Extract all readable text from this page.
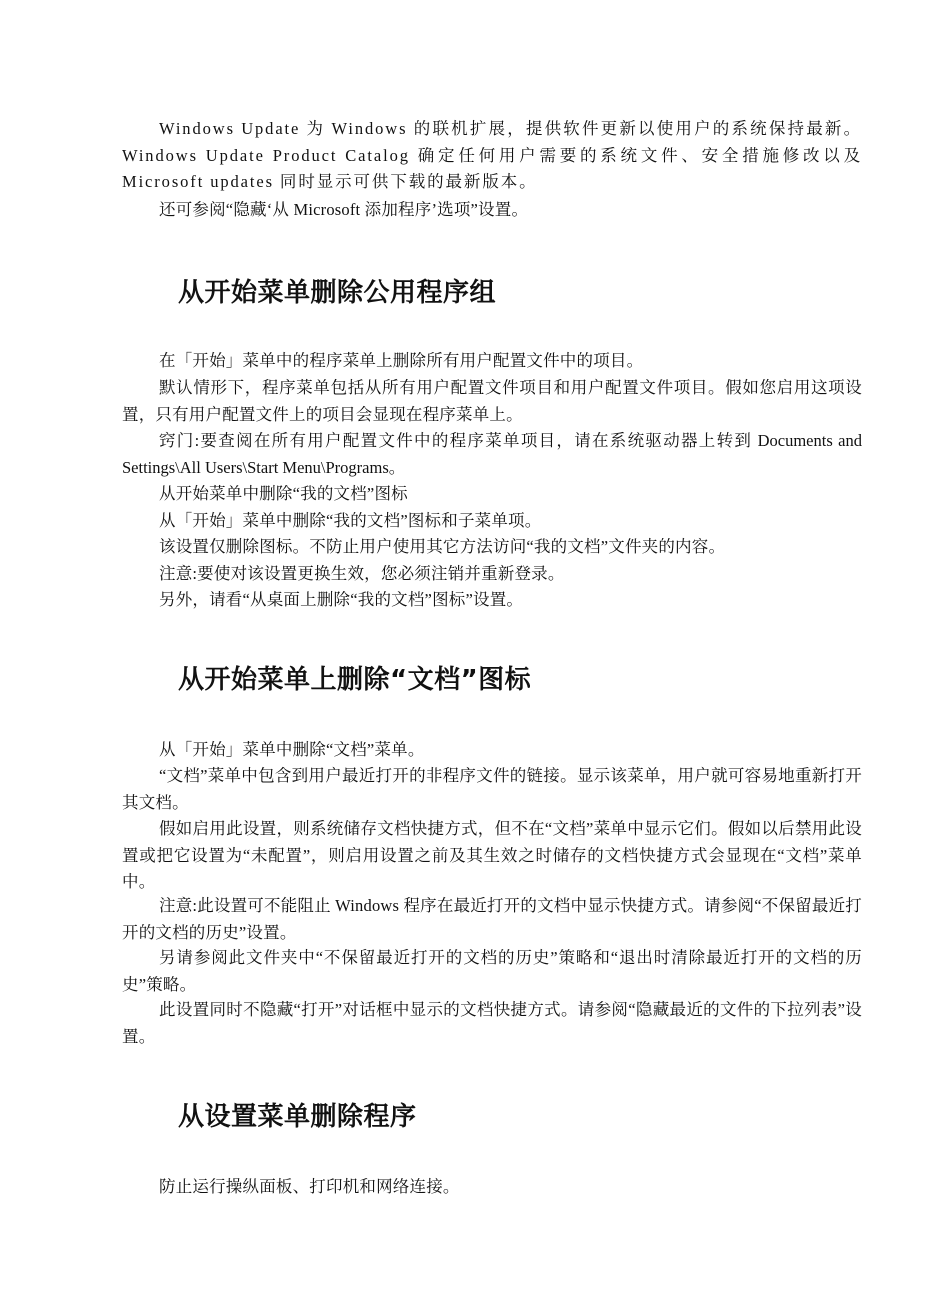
Windows Update 为 Windows 的联机扩展，提供软件更新以使用户的系统保持最新。Windows Update Product Catalog 确定任何用户需要的系统文件、安全措施修改以及 Microsoft updates 同时显示可供下载的最新版本。

还可参阅“隐藏‘从 Microsoft 添加程序’选项”设置。

从开始菜单删除公用程序组

在「开始」菜单中的程序菜单上删除所有用户配置文件中的项目。

默认情形下，程序菜单包括从所有用户配置文件项目和用户配置文件项目。假如您启用这项设置，只有用户配置文件上的项目会显现在程序菜单上。

窍门:要查阅在所有用户配置文件中的程序菜单项目，请在系统驱动器上转到 Documents and Settings\All Users\Start Menu\Programs。

从开始菜单中删除“我的文档”图标

从「开始」菜单中删除“我的文档”图标和子菜单项。

该设置仅删除图标。不防止用户使用其它方法访问“我的文档”文件夹的内容。

注意:要使对该设置更换生效，您必须注销并重新登录。

另外，请看“从桌面上删除“我的文档”图标”设置。

从开始菜单上删除“文档”图标

从「开始」菜单中删除“文档”菜单。

“文档”菜单中包含到用户最近打开的非程序文件的链接。显示该菜单，用户就可容易地重新打开其文档。

假如启用此设置，则系统储存文档快捷方式，但不在“文档”菜单中显示它们。假如以后禁用此设置或把它设置为“未配置”，则启用设置之前及其生效之时储存的文档快捷方式会显现在“文档”菜单中。

注意:此设置可不能阻止 Windows 程序在最近打开的文档中显示快捷方式。请参阅“不保留最近打开的文档的历史”设置。

另请参阅此文件夹中“不保留最近打开的文档的历史”策略和“退出时清除最近打开的文档的历史”策略。

此设置同时不隐藏“打开”对话框中显示的文档快捷方式。请参阅“隐藏最近的文件的下拉列表”设置。

从设置菜单删除程序

防止运行操纵面板、打印机和网络连接。
